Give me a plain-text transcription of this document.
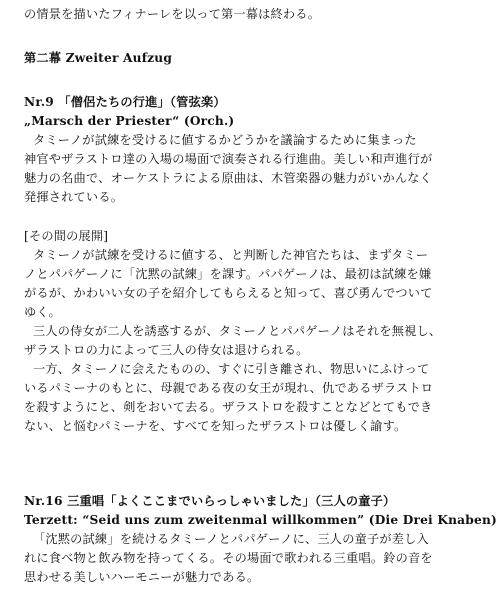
の情景を描いたフィナーレを以って第一幕は終わる。
第二幕 Zweiter Aufzug
Nr.9 「僧侶たちの行進」（管弦楽）
„Marsch der Priester“ (Orch.)
タミーノが試練を受けるに値するかどうかを議論するために集まった
神官やザラストロ達の入場の場面で演奏される行進曲。美しい和声進行が
魅力の名曲で、オーケストラによる原曲は、木管楽器の魅力がいかんなく
発揮されている。
[その間の展開]
タミーノが試練を受けるに値する、と判断した神官たちは、まずタミー
ノとパパゲーノに「沈黙の試練」を課す。パパゲーノは、最初は試練を嫌
がるが、かわいい女の子を紹介してもらえると知って、喜び勇んでついて
ゆく。
三人の侍女が二人を誘惑するが、タミーノとパパゲーノはそれを無視し、
ザラストロの力によって三人の侍女は退けられる。
一方、タミーノに会えたものの、すぐに引き離され、物思いにふけって
いるパミーナのもとに、母親である夜の女王が現れ、仇であるザラストロ
を殺すようにと、剣をおいて去る。ザラストロを殺すことなどとてもでき
ない、と悩むパミーナを、すべてを知ったザラストロは優しく諭す。
Nr.16 三重唱「よくここまでいらっしゃいました」（三人の童子）
Terzett: “Seid uns zum zweitenmal willkommen” (Die Drei Knaben)
「沈黙の試練」を続けるタミーノとパパゲーノに、三人の童子が差し入
れに食べ物と飲み物を持ってくる。その場面で歌われる三重唱。鈴の音を
思わせる美しいハーモニーが魅力である。
